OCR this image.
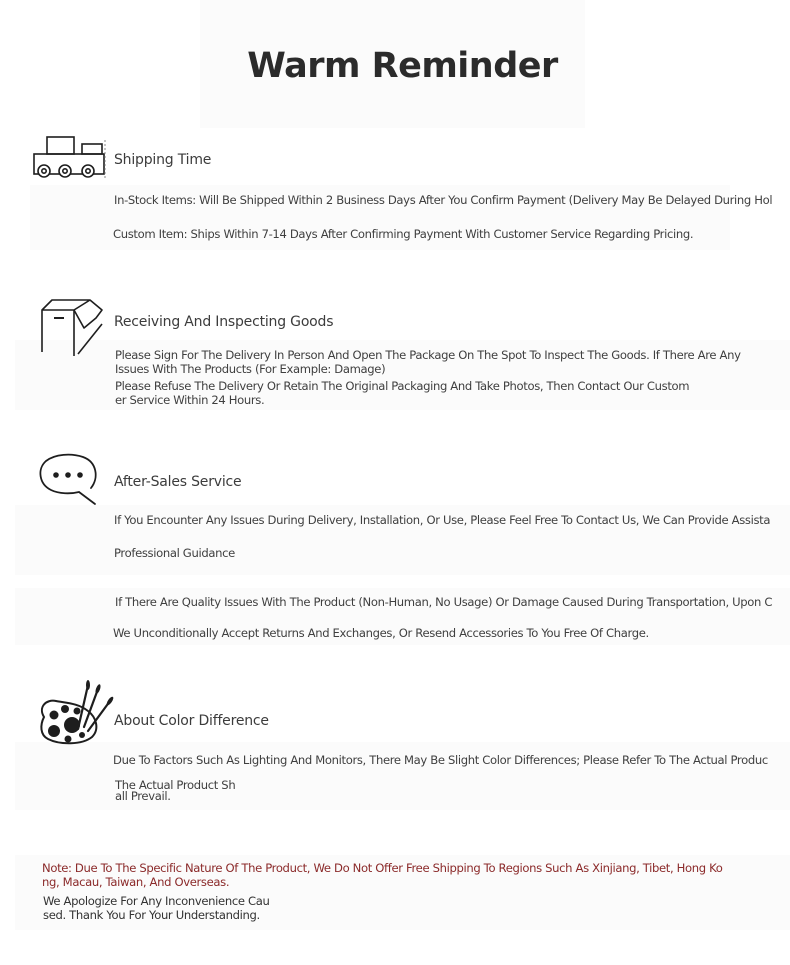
Warm Reminder
Shipping Time
In-Stock Items: Will Be Shipped Within 2 Business Days After You Confirm Payment (Delivery May Be Delayed During Hol
Custom Item: Ships Within 7-14 Days After Confirming Payment With Customer Service Regarding Pricing.
Receiving And Inspecting Goods
Please Sign For The Delivery In Person And Open The Package On The Spot To Inspect The Goods. If There Are Any
Issues With The Products (For Example: Damage)
Please Refuse The Delivery Or Retain The Original Packaging And Take Photos, Then Contact Our Custom
er Service Within 24 Hours.
After-Sales Service
If You Encounter Any Issues During Delivery, Installation, Or Use, Please Feel Free To Contact Us, We Can Provide Assista
Professional Guidance
If There Are Quality Issues With The Product (Non-Human, No Usage) Or Damage Caused During Transportation, Upon C
We Unconditionally Accept Returns And Exchanges, Or Resend Accessories To You Free Of Charge.
About Color Difference
Due To Factors Such As Lighting And Monitors, There May Be Slight Color Differences; Please Refer To The Actual Produc
The Actual Product Sh
all Prevail.
Note: Due To The Specific Nature Of The Product, We Do Not Offer Free Shipping To Regions Such As Xinjiang, Tibet, Hong Ko
ng, Macau, Taiwan, And Overseas.
We Apologize For Any Inconvenience Cau
sed. Thank You For Your Understanding.
